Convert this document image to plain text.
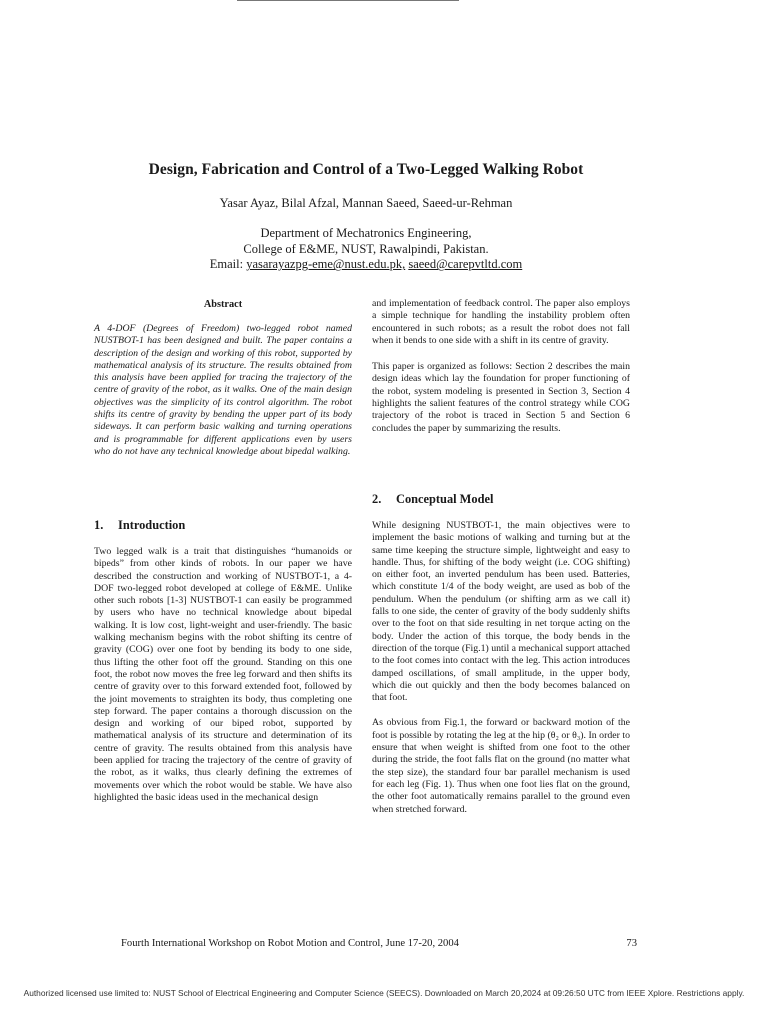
Design, Fabrication and Control of a Two-Legged Walking Robot
Yasar Ayaz, Bilal Afzal, Mannan Saeed, Saeed-ur-Rehman
Department of Mechatronics Engineering,
College of E&ME, NUST, Rawalpindi, Pakistan.
Email: yasarayazpg-eme@nust.edu.pk, saeed@carepvtltd.com
Abstract

A 4-DOF (Degrees of Freedom) two-legged robot named NUSTBOT-1 has been designed and built. The paper contains a description of the design and working of this robot, supported by mathematical analysis of its structure. The results obtained from this analysis have been applied for tracing the trajectory of the centre of gravity of the robot, as it walks. One of the main design objectives was the simplicity of its control algorithm. The robot shifts its centre of gravity by bending the upper part of its body sideways. It can perform basic walking and turning operations and is programmable for different applications even by users who do not have any technical knowledge about bipedal walking.

1. Introduction

Two legged walk is a trait that distinguishes “humanoids or bipeds” from other kinds of robots. In our paper we have described the construction and working of NUSTBOT-1, a 4-DOF two-legged robot developed at college of E&ME. Unlike other such robots [1-3] NUSTBOT-1 can easily be programmed by users who have no technical knowledge about bipedal walking. It is low cost, light-weight and user-friendly. The basic walking mechanism begins with the robot shifting its centre of gravity (COG) over one foot by bending its body to one side, thus lifting the other foot off the ground. Standing on this one foot, the robot now moves the free leg forward and then shifts its centre of gravity over to this forward extended foot, followed by the joint movements to straighten its body, thus completing one step forward. The paper contains a thorough discussion on the design and working of our biped robot, supported by mathematical analysis of its structure and determination of its centre of gravity. The results obtained from this analysis have been applied for tracing the trajectory of the centre of gravity of the robot, as it walks, thus clearly defining the extremes of movements over which the robot would be stable. We have also highlighted the basic ideas used in the mechanical design

and implementation of feedback control. The paper also employs a simple technique for handling the instability problem often encountered in such robots; as a result the robot does not fall when it bends to one side with a shift in its centre of gravity.

This paper is organized as follows: Section 2 describes the main design ideas which lay the foundation for proper functioning of the robot, system modeling is presented in Section 3, Section 4 highlights the salient features of the control strategy while COG trajectory of the robot is traced in Section 5 and Section 6 concludes the paper by summarizing the results.

2. Conceptual Model

While designing NUSTBOT-1, the main objectives were to implement the basic motions of walking and turning but at the same time keeping the structure simple, lightweight and easy to handle. Thus, for shifting of the body weight (i.e. COG shifting) on either foot, an inverted pendulum has been used. Batteries, which constitute 1/4 of the body weight, are used as bob of the pendulum. When the pendulum (or shifting arm as we call it) falls to one side, the center of gravity of the body suddenly shifts over to the foot on that side resulting in net torque acting on the body. Under the action of this torque, the body bends in the direction of the torque (Fig.1) until a mechanical support attached to the foot comes into contact with the leg. This action introduces damped oscillations, of small amplitude, in the upper body, which die out quickly and then the body becomes balanced on that foot.

As obvious from Fig.1, the forward or backward motion of the foot is possible by rotating the leg at the hip (θ₂ or θ₃). In order to ensure that when weight is shifted from one foot to the other during the stride, the foot falls flat on the ground (no matter what the step size), the standard four bar parallel mechanism is used for each leg (Fig. 1). Thus when one foot lies flat on the ground, the other foot automatically remains parallel to the ground even when stretched forward.

Fourth International Workshop on Robot Motion and Control, June 17-20, 2004	73
Authorized licensed use limited to: NUST School of Electrical Engineering and Computer Science (SEECS). Downloaded on March 20,2024 at 09:26:50 UTC from IEEE Xplore. Restrictions apply.
